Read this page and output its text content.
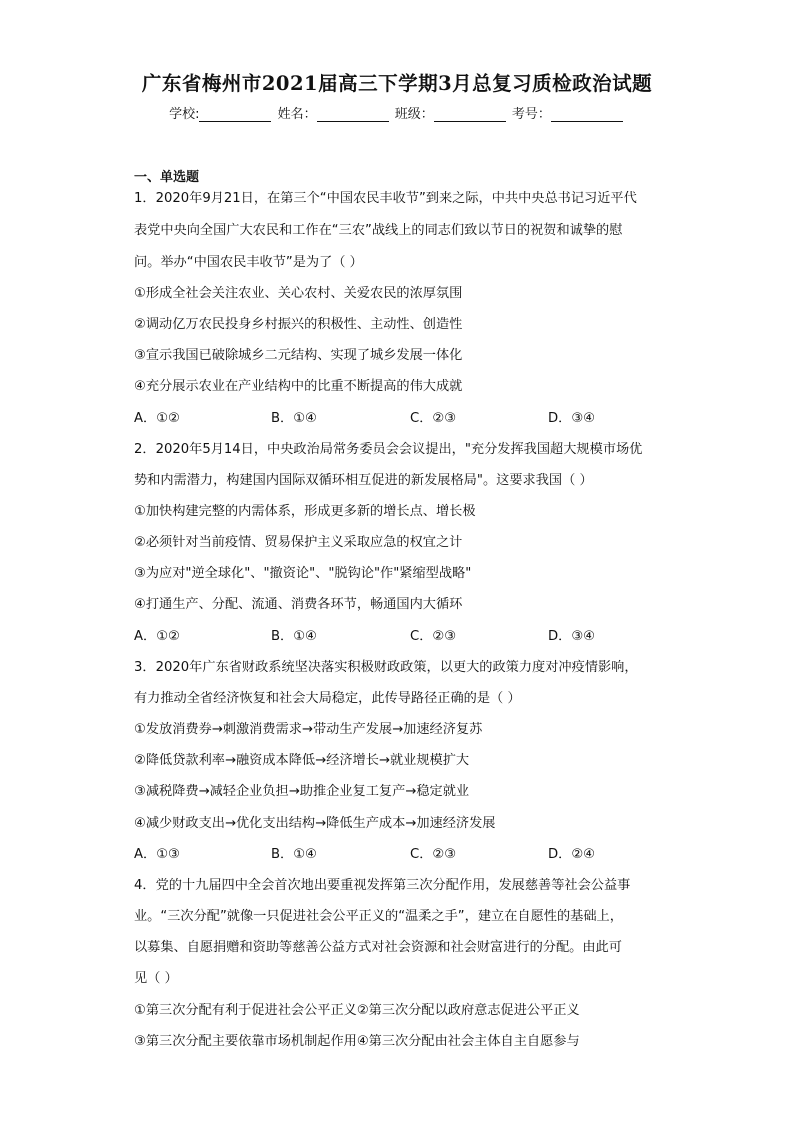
广东省梅州市2021届高三下学期3月总复习质检政治试题
学校:	姓名：	班级：	考号：
一、单选题
1．2020年9月21日，在第三个“中国农民丰收节”到来之际，中共中央总书记习近平代
表党中央向全国广大农民和工作在“三农”战线上的同志们致以节日的祝贺和诚挚的慰
问。举办“中国农民丰收节”是为了（ ）
①形成全社会关注农业、关心农村、关爱农民的浓厚氛围
②调动亿万农民投身乡村振兴的积极性、主动性、创造性
③宣示我国已破除城乡二元结构、实现了城乡发展一体化
④充分展示农业在产业结构中的比重不断提高的伟大成就
A．①②	B．①④	C．②③	D．③④
2．2020年5月14日，中央政治局常务委员会会议提出，"充分发挥我国超大规模市场优
势和内需潜力，构建国内国际双循环相互促进的新发展格局"。这要求我国（ ）
①加快构建完整的内需体系，形成更多新的增长点、增长极
②必须针对当前疫情、贸易保护主义采取应急的权宜之计
③为应对"逆全球化"、"撤资论"、"脱钩论"作"紧缩型战略"
④打通生产、分配、流通、消费各环节，畅通国内大循环
A．①②	B．①④	C．②③	D．③④
3．2020年广东省财政系统坚决落实积极财政政策，以更大的政策力度对冲疫情影响，
有力推动全省经济恢复和社会大局稳定，此传导路径正确的是（ ）
①发放消费券→刺激消费需求→带动生产发展→加速经济复苏
②降低贷款利率→融资成本降低→经济增长→就业规模扩大
③减税降费→减轻企业负担→助推企业复工复产→稳定就业
④减少财政支出→优化支出结构→降低生产成本→加速经济发展
A．①③	B．①④	C．②③	D．②④
4．党的十九届四中全会首次地出要重视发挥第三次分配作用，发展慈善等社会公益事
业。“三次分配”就像一只促进社会公平正义的“温柔之手”，建立在自愿性的基础上，
以募集、自愿捐赠和资助等慈善公益方式对社会资源和社会财富进行的分配。由此可
见（ ）
①第三次分配有利于促进社会公平正义②第三次分配以政府意志促进公平正义
③第三次分配主要依靠市场机制起作用④第三次分配由社会主体自主自愿参与
